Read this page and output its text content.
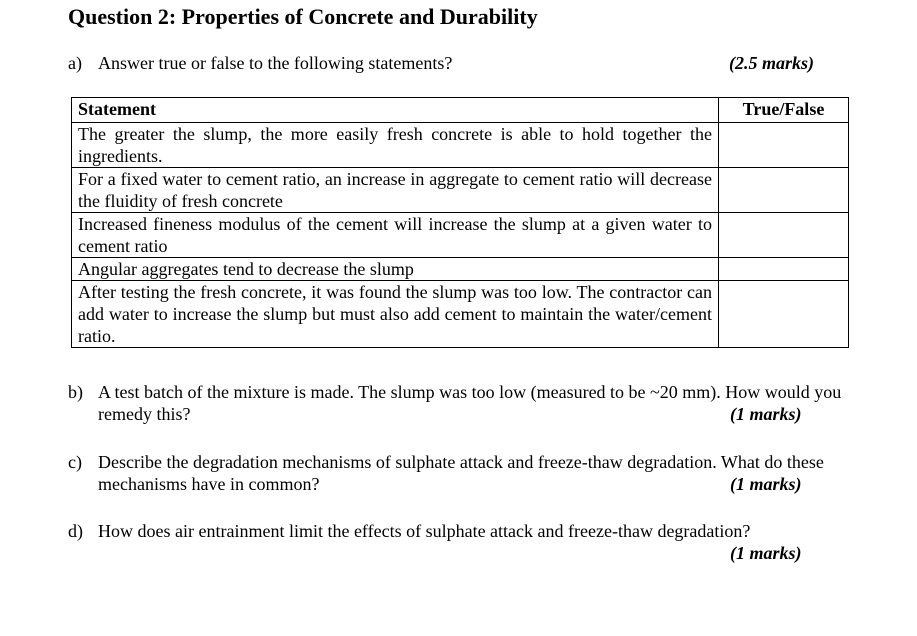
Question 2: Properties of Concrete and Durability
a) Answer true or false to the following statements?	(2.5 marks)
Statement	True/False
The greater the slump, the more easily fresh concrete is able to hold together the ingredients.	
For a fixed water to cement ratio, an increase in aggregate to cement ratio will decrease the fluidity of fresh concrete	
Increased fineness modulus of the cement will increase the slump at a given water to cement ratio	
Angular aggregates tend to decrease the slump	
After testing the fresh concrete, it was found the slump was too low. The contractor can add water to increase the slump but must also add cement to maintain the water/cement ratio.	
b) A test batch of the mixture is made. The slump was too low (measured to be ~20 mm). How would you remedy this?	(1 marks)
c) Describe the degradation mechanisms of sulphate attack and freeze-thaw degradation. What do these mechanisms have in common?	(1 marks)
d) How does air entrainment limit the effects of sulphate attack and freeze-thaw degradation?
(1 marks)
